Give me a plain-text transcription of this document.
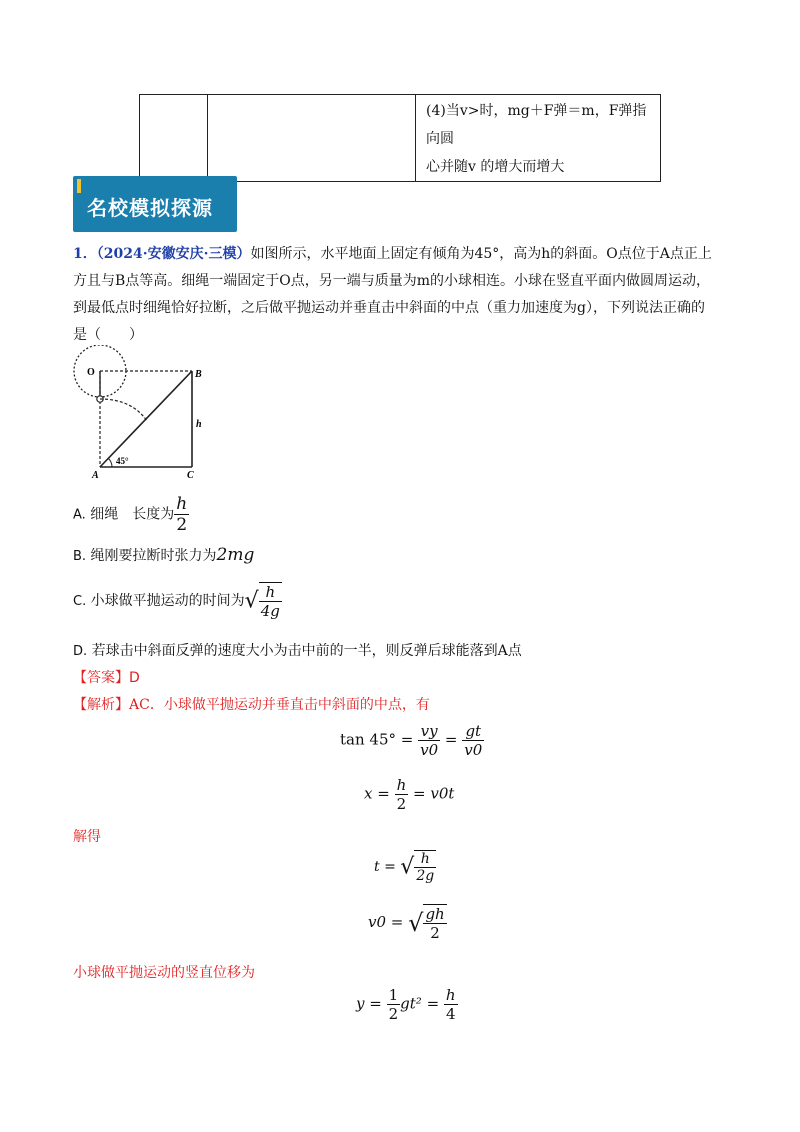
(4)当v>时，mg＋F弹＝m，F弹指向圆
心并随v 的增大而增大
名校模拟探源
1．（2024·安徽安庆·三模）如图所示，水平地面上固定有倾角为45°，高为h的斜面。O点位于A点正上
方且与B点等高。细绳一端固定于O点，另一端与质量为m的小球相连。小球在竖直平面内做圆周运动，
到最低点时细绳恰好拉断，之后做平抛运动并垂直击中斜面的中点（重力加速度为g），下列说法正确的
是（　　）
O	B
h
A	C
45°
A. 细绳　长度为 $\frac{h}{2}$
B. 绳刚要拉断时张力为2mg
C. 小球做平抛运动的时间为√ $\frac{h}{4g}$
D. 若球击中斜面反弹的速度大小为击中前的一半，则反弹后球能落到A点
【答案】D
【解析】AC．小球做平抛运动并垂直击中斜面的中点，有
$\tan 45^\circ = \frac{vy}{v0} = \frac{gt}{v0}$
$x = \frac{h}{2} = v0t$
解得
t = √ $\frac{h}{2g}$
v0 = √ $\frac{gh}{2}$
小球做平抛运动的竖直位移为
$y = \frac{1}{2} gt^2 = \frac{h}{4}$
